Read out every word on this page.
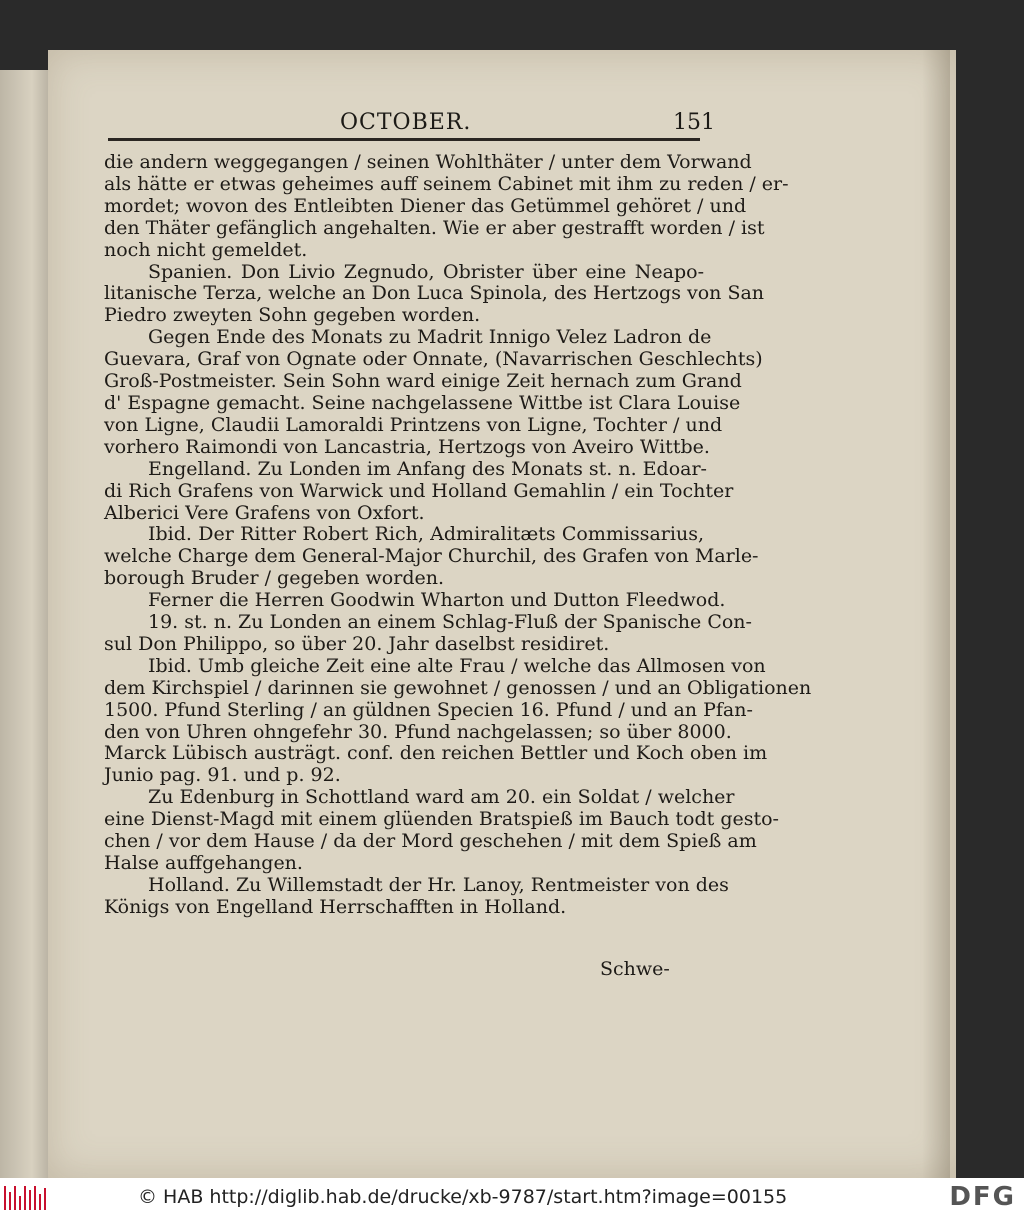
OCTOBER.	151
die andern weggegangen / seinen Wohlthäter / unter dem Vorwand
als hätte er etwas geheimes auff seinem Cabinet mit ihm zu reden / er-
mordet; wovon des Entleibten Diener das Getümmel gehöret / und
den Thäter gefänglich angehalten. Wie er aber gestrafft worden / ist
noch nicht gemeldet.
Spanien. Don Livio Zegnudo, Obrister über eine Neapo-
litanische Terza, welche an Don Luca Spinola, des Hertzogs von San
Piedro zweyten Sohn gegeben worden.
Gegen Ende des Monats zu Madrit Innigo Velez Ladron de
Guevara, Graf von Ognate oder Onnate, (Navarrischen Geschlechts)
Groß-Postmeister. Sein Sohn ward einige Zeit hernach zum Grand
d' Espagne gemacht. Seine nachgelassene Wittbe ist Clara Louise
von Ligne, Claudii Lamoraldi Printzens von Ligne, Tochter / und
vorhero Raimondi von Lancastria, Hertzogs von Aveiro Wittbe.
Engelland. Zu Londen im Anfang des Monats st. n. Edoar-
di Rich Grafens von Warwick und Holland Gemahlin / ein Tochter
Alberici Vere Grafens von Oxfort.
Ibid. Der Ritter Robert Rich, Admiralitæts Commissarius,
welche Charge dem General-Major Churchil, des Grafen von Marle-
borough Bruder / gegeben worden.
Ferner die Herren Goodwin Wharton und Dutton Fleedwod.
19. st. n. Zu Londen an einem Schlag-Fluß der Spanische Con-
sul Don Philippo, so über 20. Jahr daselbst residiret.
Ibid. Umb gleiche Zeit eine alte Frau / welche das Allmosen von
dem Kirchspiel / darinnen sie gewohnet / genossen / und an Obligationen
1500. Pfund Sterling / an güldnen Specien 16. Pfund / und an Pfan-
den von Uhren ohngefehr 30. Pfund nachgelassen; so über 8000.
Marck Lübisch austrägt. conf. den reichen Bettler und Koch oben im
Junio pag. 91. und p. 92.
Zu Edenburg in Schottland ward am 20. ein Soldat / welcher
eine Dienst-Magd mit einem glüenden Bratspieß im Bauch todt gesto-
chen / vor dem Hause / da der Mord geschehen / mit dem Spieß am
Halse auffgehangen.
Holland. Zu Willemstadt der Hr. Lanoy, Rentmeister von des
Königs von Engelland Herrschafften in Holland.
Schwe-
© HAB http://diglib.hab.de/drucke/xb-9787/start.htm?image=00155	DFG
